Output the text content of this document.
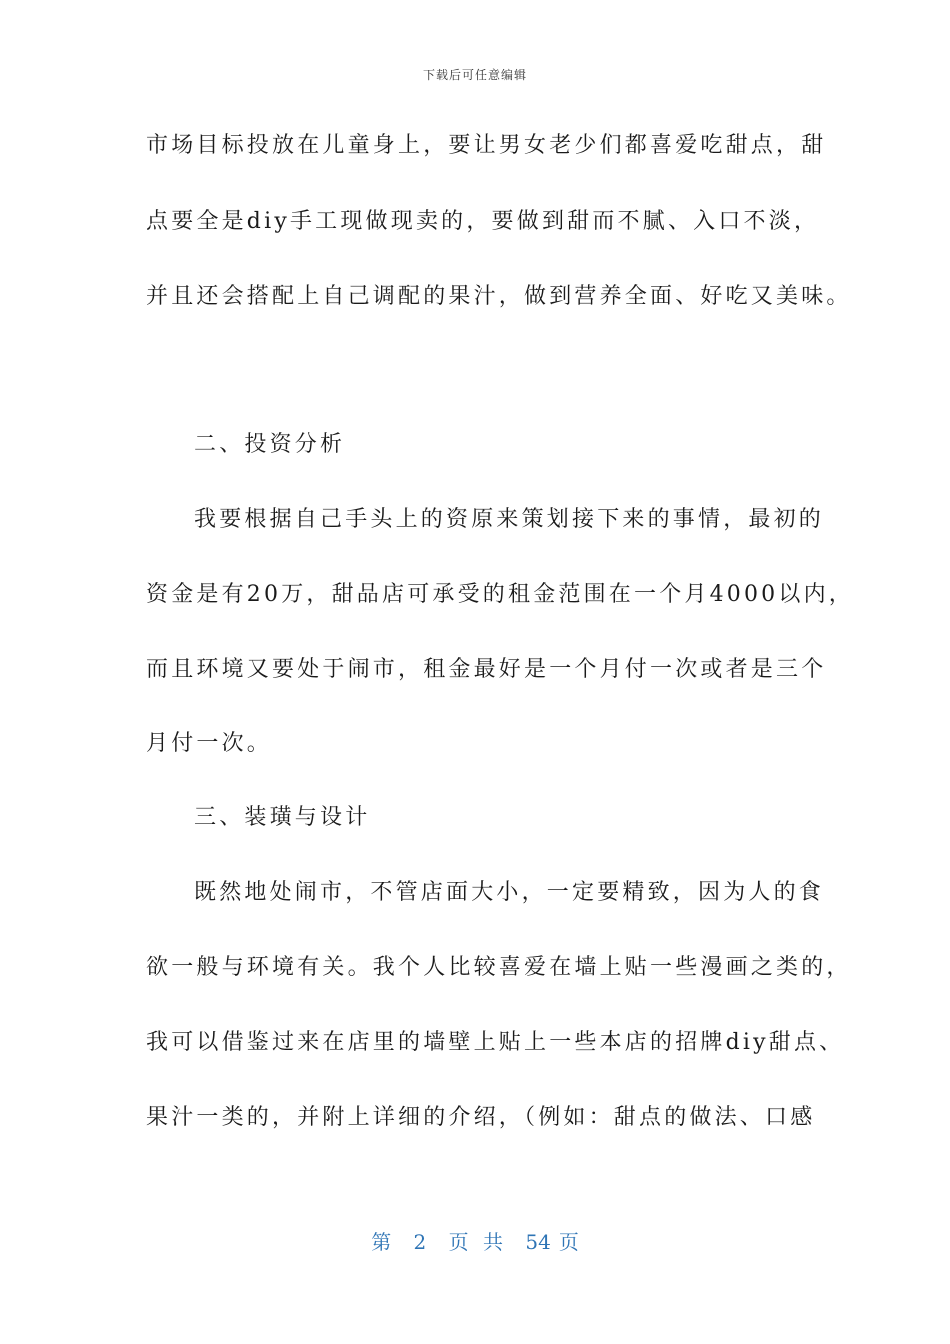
下载后可任意编辑
市场目标投放在儿童身上，要让男女老少们都喜爱吃甜点，甜
点要全是diy手工现做现卖的，要做到甜而不腻、入口不淡，
并且还会搭配上自己调配的果汁，做到营养全面、好吃又美味。
二、投资分析
我要根据自己手头上的资原来策划接下来的事情，最初的
资金是有20万，甜品店可承受的租金范围在一个月4000以内，
而且环境又要处于闹市，租金最好是一个月付一次或者是三个
月付一次。
三、装璜与设计
既然地处闹市，不管店面大小，一定要精致，因为人的食
欲一般与环境有关。我个人比较喜爱在墙上贴一些漫画之类的，
我可以借鉴过来在店里的墙壁上贴上一些本店的招牌diy甜点、
果汁一类的，并附上详细的介绍，（例如：甜点的做法、口感
第 2 页 共 54 页
